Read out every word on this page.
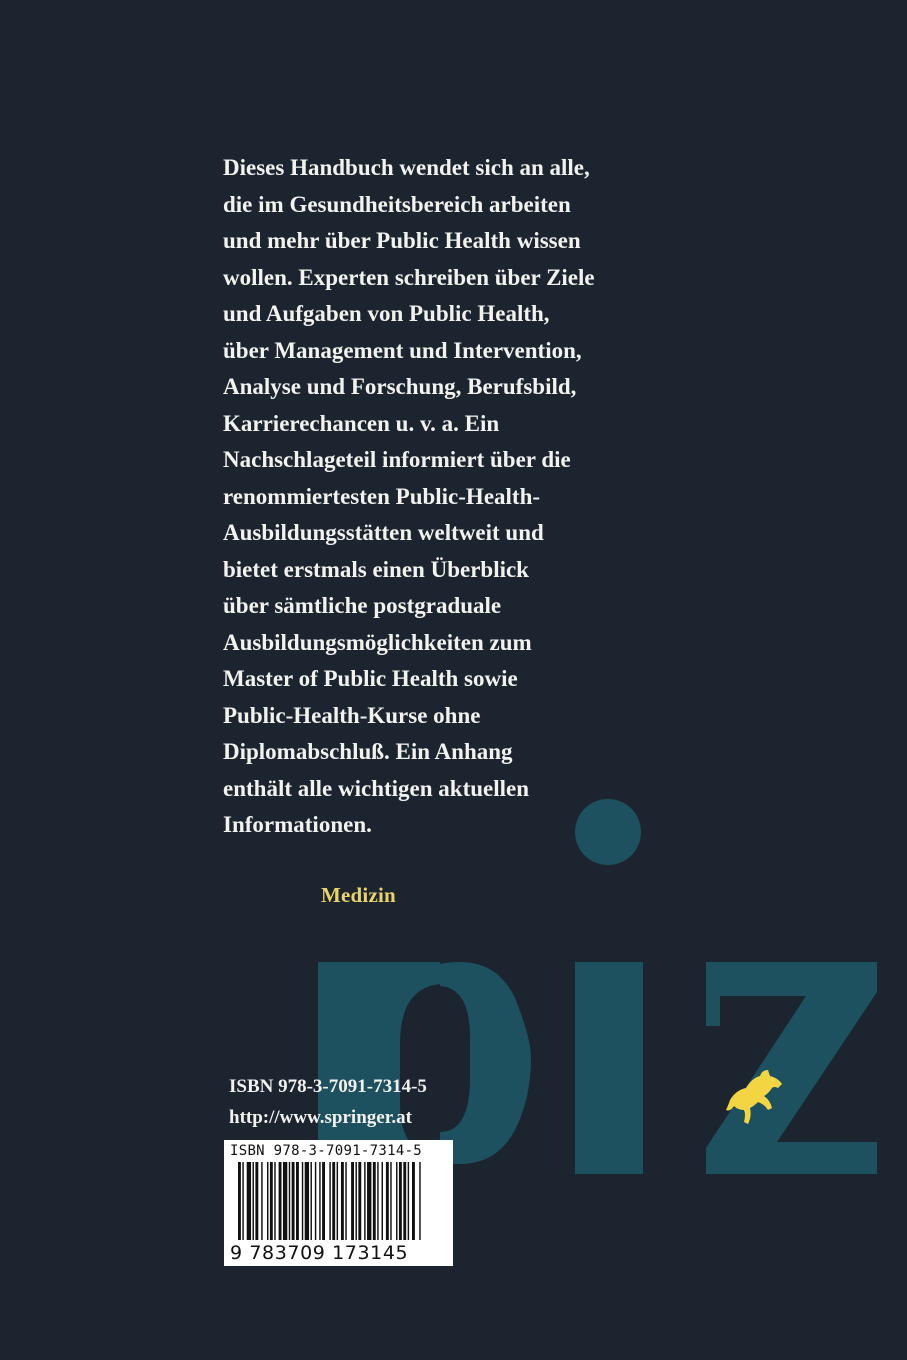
Dieses Handbuch wendet sich an alle,
die im Gesundheitsbereich arbeiten
und mehr über Public Health wissen
wollen. Experten schreiben über Ziele
und Aufgaben von Public Health,
über Management und Intervention,
Analyse und Forschung, Berufsbild,
Karrierechancen u. v. a. Ein
Nachschlageteil informiert über die
renommiertesten Public-Health-
Ausbildungsstätten weltweit und
bietet erstmals einen Überblick
über sämtliche postgraduale
Ausbildungsmöglichkeiten zum
Master of Public Health sowie
Public-Health-Kurse ohne
Diplomabschluß. Ein Anhang
enthält alle wichtigen aktuellen
Informationen.
Medizin
ISBN 978-3-7091-7314-5
http://www.springer.at
ISBN 978-3-7091-7314-5
9 783709 173145
